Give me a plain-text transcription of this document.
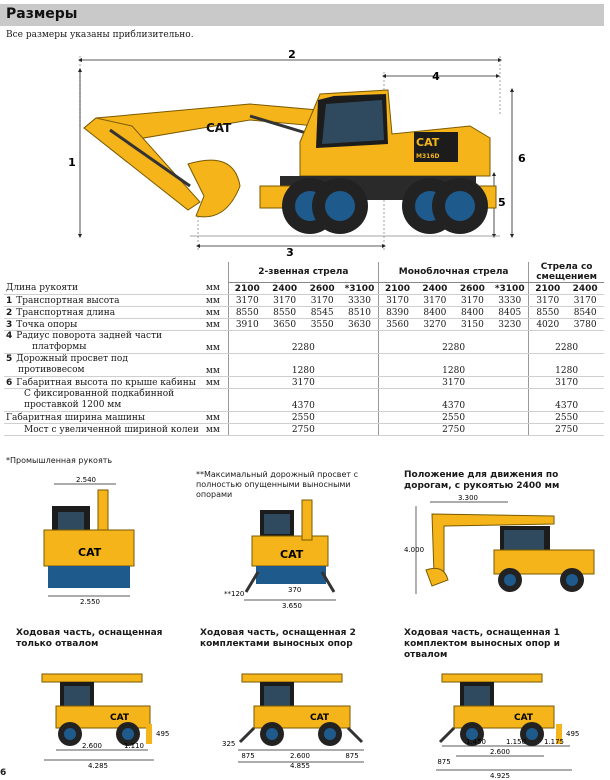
Размеры
Все размеры указаны приблизительно.
2
4
1	6
5
3
CAT
CAT
M316D
		2-звенная стрела				Моноблочная стрела				Стрела со смещением	
Длина рукояти	мм	2100	2400	2600	*3100	2100	2400	2600	*3100	2100	2400
1 Транспортная высота	мм	3170	3170	3170	3330	3170	3170	3170	3330	3170	3170
2 Транспортная длина	мм	8550	8550	8545	8510	8390	8400	8400	8405	8550	8540
3 Точка опоры	мм	3910	3650	3550	3630	3560	3270	3150	3230	4020	3780
4 Радиус поворота задней части
платформы	мм	2280				2280				2280	
5 Дорожный просвет под
противовесом	мм	1280				1280				1280	
6 Габаритная высота по крыше кабины	мм	3170				3170				3170	
С фиксированной подкабинной
проставкой 1200 мм		4370				4370				4370	
Габаритная ширина машины	мм	2550				2550				2550	
Мост с увеличенной шириной колеи	мм	2750				2750				2750	
*Промышленная рукоять
**Максимальный дорожный просвет с полностью опущенными выносными опорами
2.540
CAT
2.550
CAT
**120	370
3.650
Положение для движения по дорогам, с рукоятью 2400 мм
3.300
4.000
Ходовая часть, оснащенная только отвалом
Ходовая часть, оснащенная 2 комплектами выносных опор
Ходовая часть, оснащенная 1 комплектом выносных опор и отвалом
CAT
495
2.600	1.110
4.285
CAT
325
875	2.600	875
4.855
CAT
495
1.450	1.150	1.175
2.600
875
4.925
6
